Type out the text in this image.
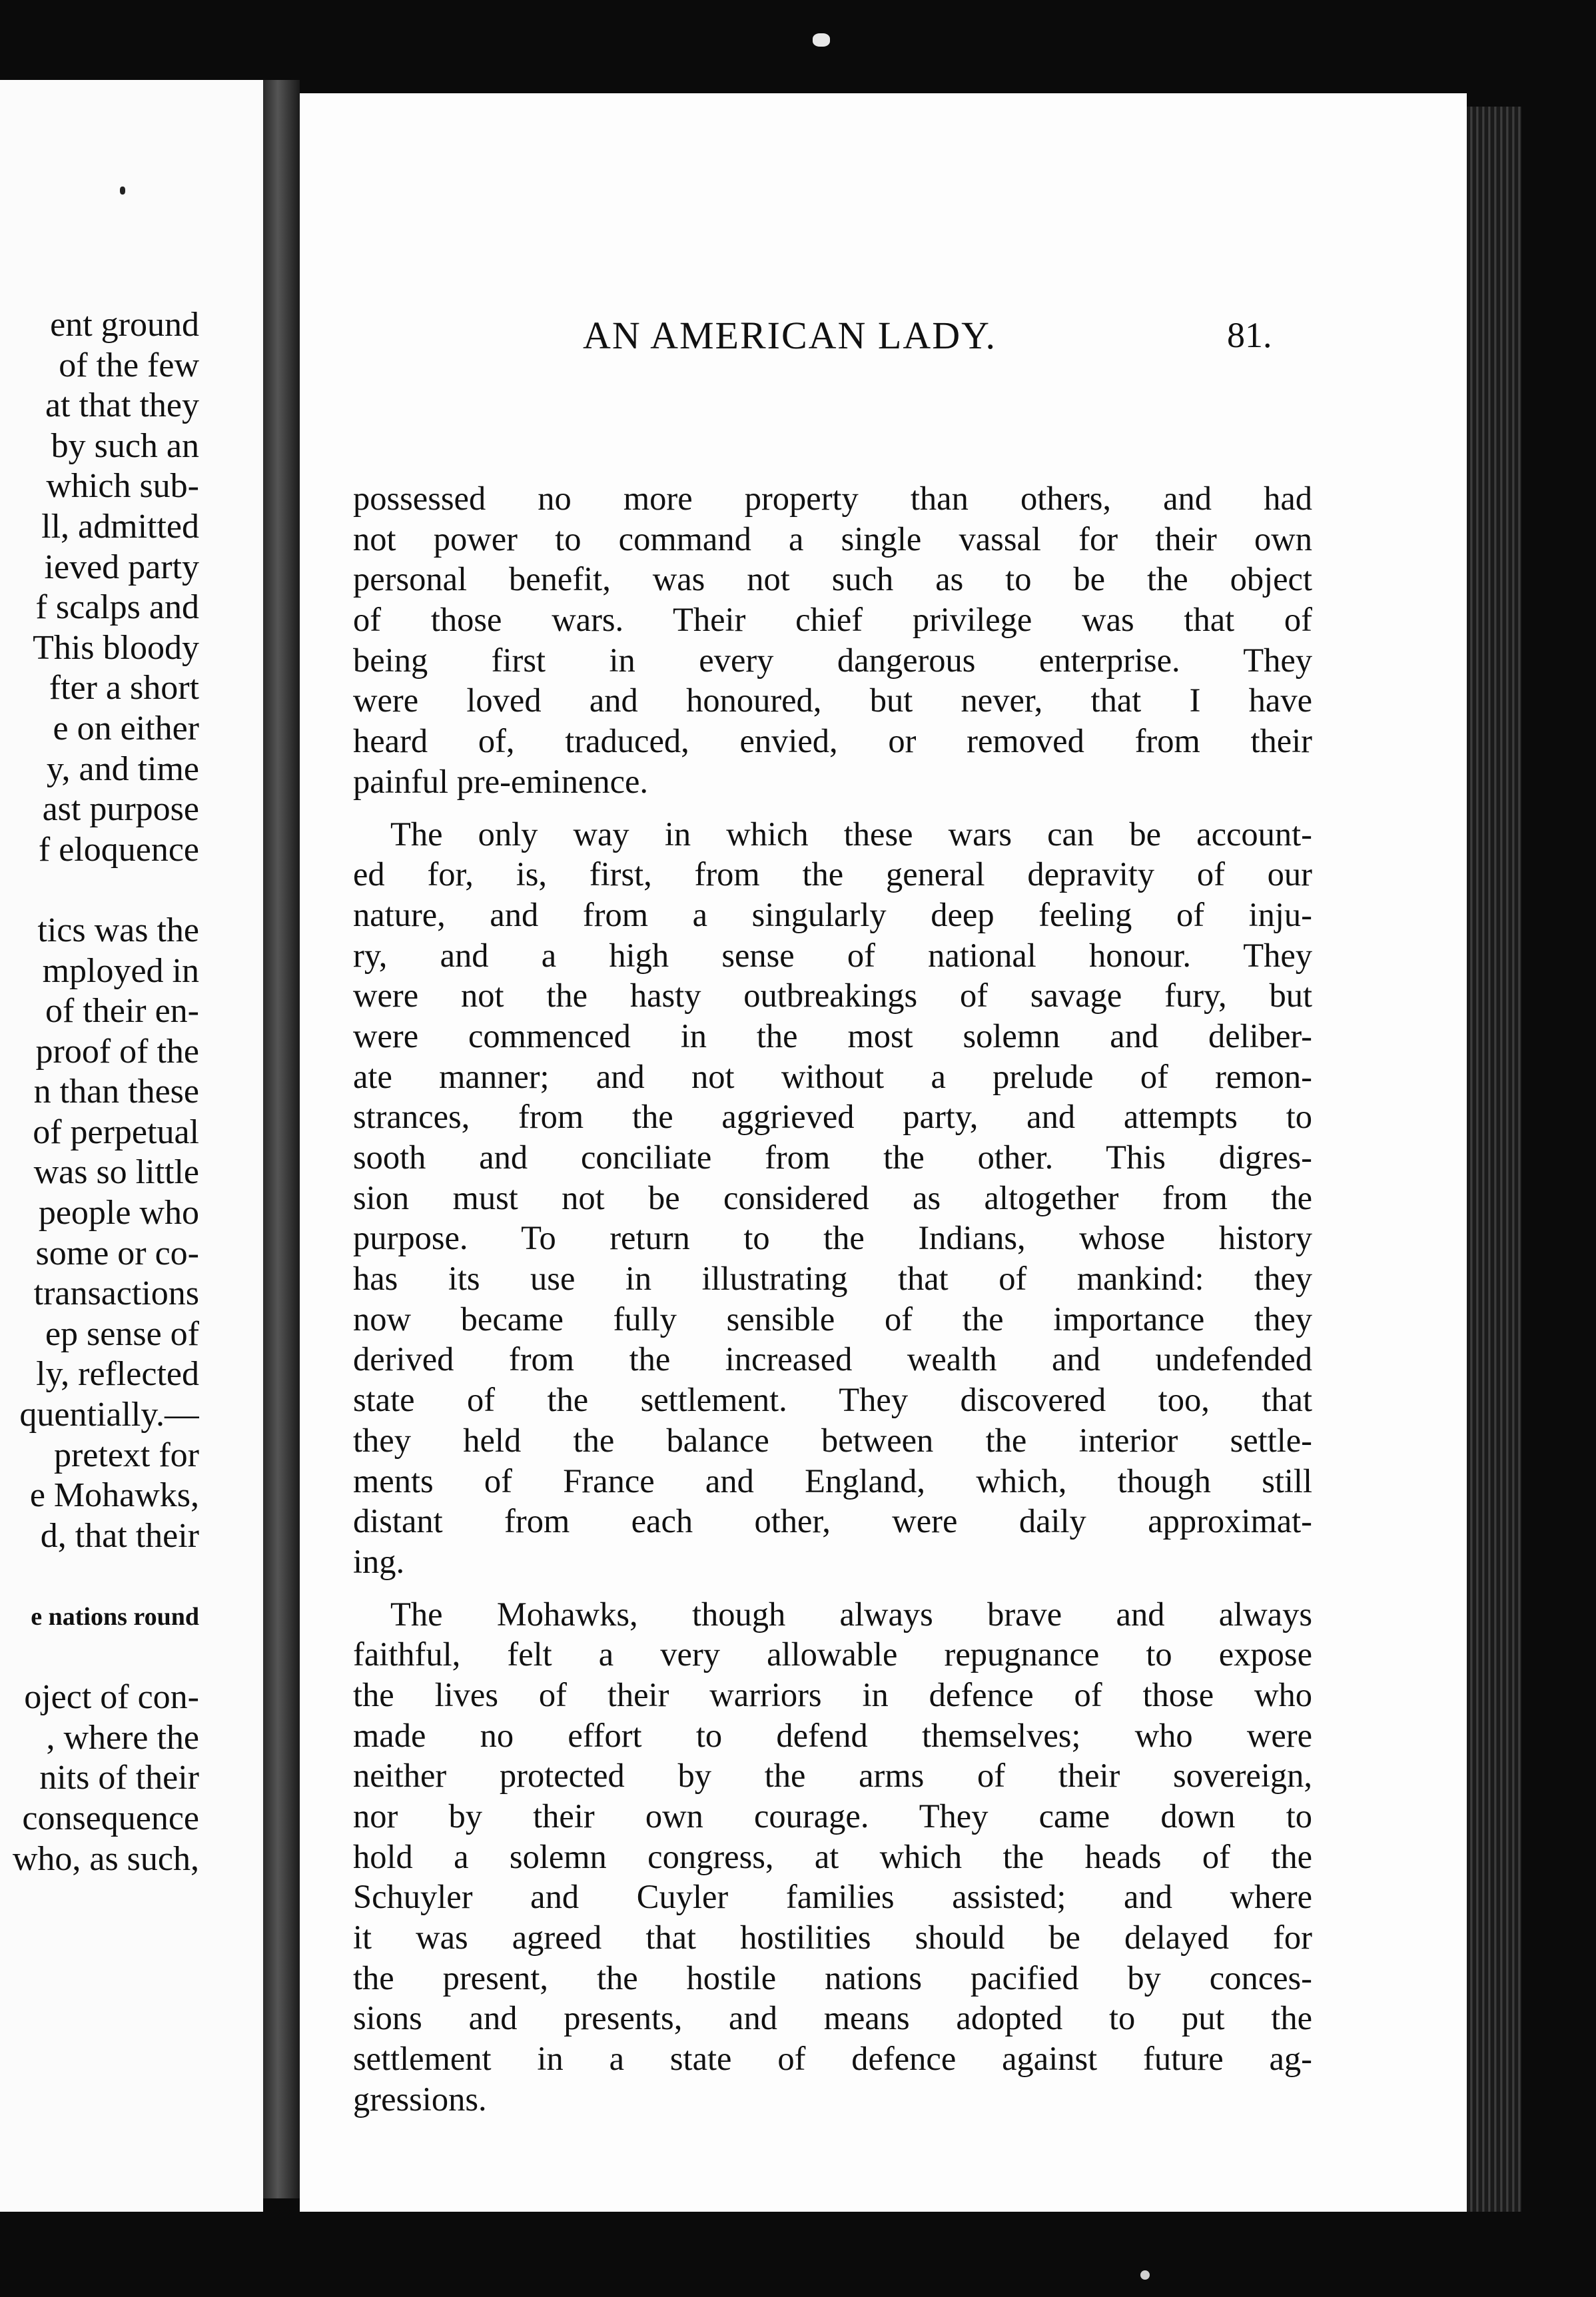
ent ground
of the few
at that they
by such an
which sub-
ll, admitted
ieved party
f scalps and
This bloody
fter a short
e on either
y, and time
ast purpose
f eloquence
tics was the
mployed in
of their en-
proof of the
n than these
of perpetual
was so little
people who
some or co-
transactions
ep sense of
ly, reflected
quentially.—
pretext for
e Mohawks,
d, that their
e nations round
oject of con-
, where the
nits of their
consequence
who, as such,
AN AMERICAN LADY.	81.
possessed no more property than others, and had
not power to command a single vassal for their own
personal benefit, was not such as to be the object
of those wars. Their chief privilege was that of
being first in every dangerous enterprise. They
were loved and honoured, but never, that I have
heard of, traduced, envied, or removed from their
painful pre-eminence.
The only way in which these wars can be account-
ed for, is, first, from the general depravity of our
nature, and from a singularly deep feeling of inju-
ry, and a high sense of national honour. They
were not the hasty outbreakings of savage fury, but
were commenced in the most solemn and deliber-
ate manner; and not without a prelude of remon-
strances, from the aggrieved party, and attempts to
sooth and conciliate from the other. This digres-
sion must not be considered as altogether from the
purpose. To return to the Indians, whose history
has its use in illustrating that of mankind: they
now became fully sensible of the importance they
derived from the increased wealth and undefended
state of the settlement. They discovered too, that
they held the balance between the interior settle-
ments of France and England, which, though still
distant from each other, were daily approximat-
ing.
The Mohawks, though always brave and always
faithful, felt a very allowable repugnance to expose
the lives of their warriors in defence of those who
made no effort to defend themselves; who were
neither protected by the arms of their sovereign,
nor by their own courage. They came down to
hold a solemn congress, at which the heads of the
Schuyler and Cuyler families assisted; and where
it was agreed that hostilities should be delayed for
the present, the hostile nations pacified by conces-
sions and presents, and means adopted to put the
settlement in a state of defence against future ag-
gressions.
